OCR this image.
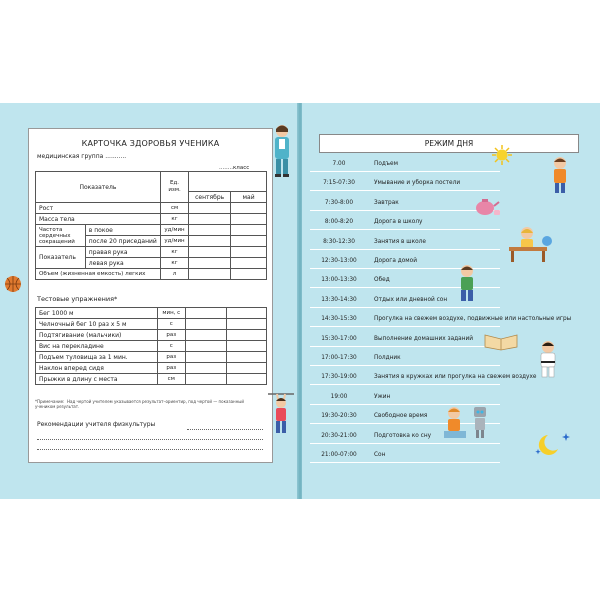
КАРТОЧКА ЗДОРОВЬЯ УЧЕНИКА
медицинская группа ...........
........класс
Показатель		Ед.
изм.		
			сентябрь	май
Рост		см		
Масса тела		кг		
Частота сердечных сокращений	в покое	уд/мин		
	после 20 приседаний	уд/мин		
Показатель	правая рука	кг		
	левая рука	кг		
Объем (жизненная емкость) легких		л		
Тестовые упражнения*
Бег 1000 м	мин, с		
Челночный бег 10 раз х 5 м	с		
Подтягивание (мальчики)	раз		
Вис на перекладине	с		
Подъем туловища за 1 мин.	раз		
Наклон вперед сидя	раз		
Прыжки в длину с места	см		
*Примечание: Над чертой учителем указывается результат–ориентир, под чертой — показанный учеником результат.
Рекомендации учителя физкультуры
РЕЖИМ ДНЯ
7.00	Подъем
7:15-07:30	Умывание и уборка постели
7:30-8:00	Завтрак
8:00-8:20	Дорога в школу
8:30-12:30	Занятия в школе
12:30-13:00	Дорога домой
13:00-13:30	Обед
13:30-14:30	Отдых или дневной сон
14:30-15:30	Прогулка на свежем воздухе, подвижные или настольные игры
15:30-17:00	Выполнение домашних заданий
17:00-17:30	Полдник
17:30-19:00	Занятия в кружках или прогулка на свежем воздухе
19:00	Ужин
19:30-20:30	Свободное время
20:30-21:00	Подготовка ко сну
21:00-07:00	Сон
